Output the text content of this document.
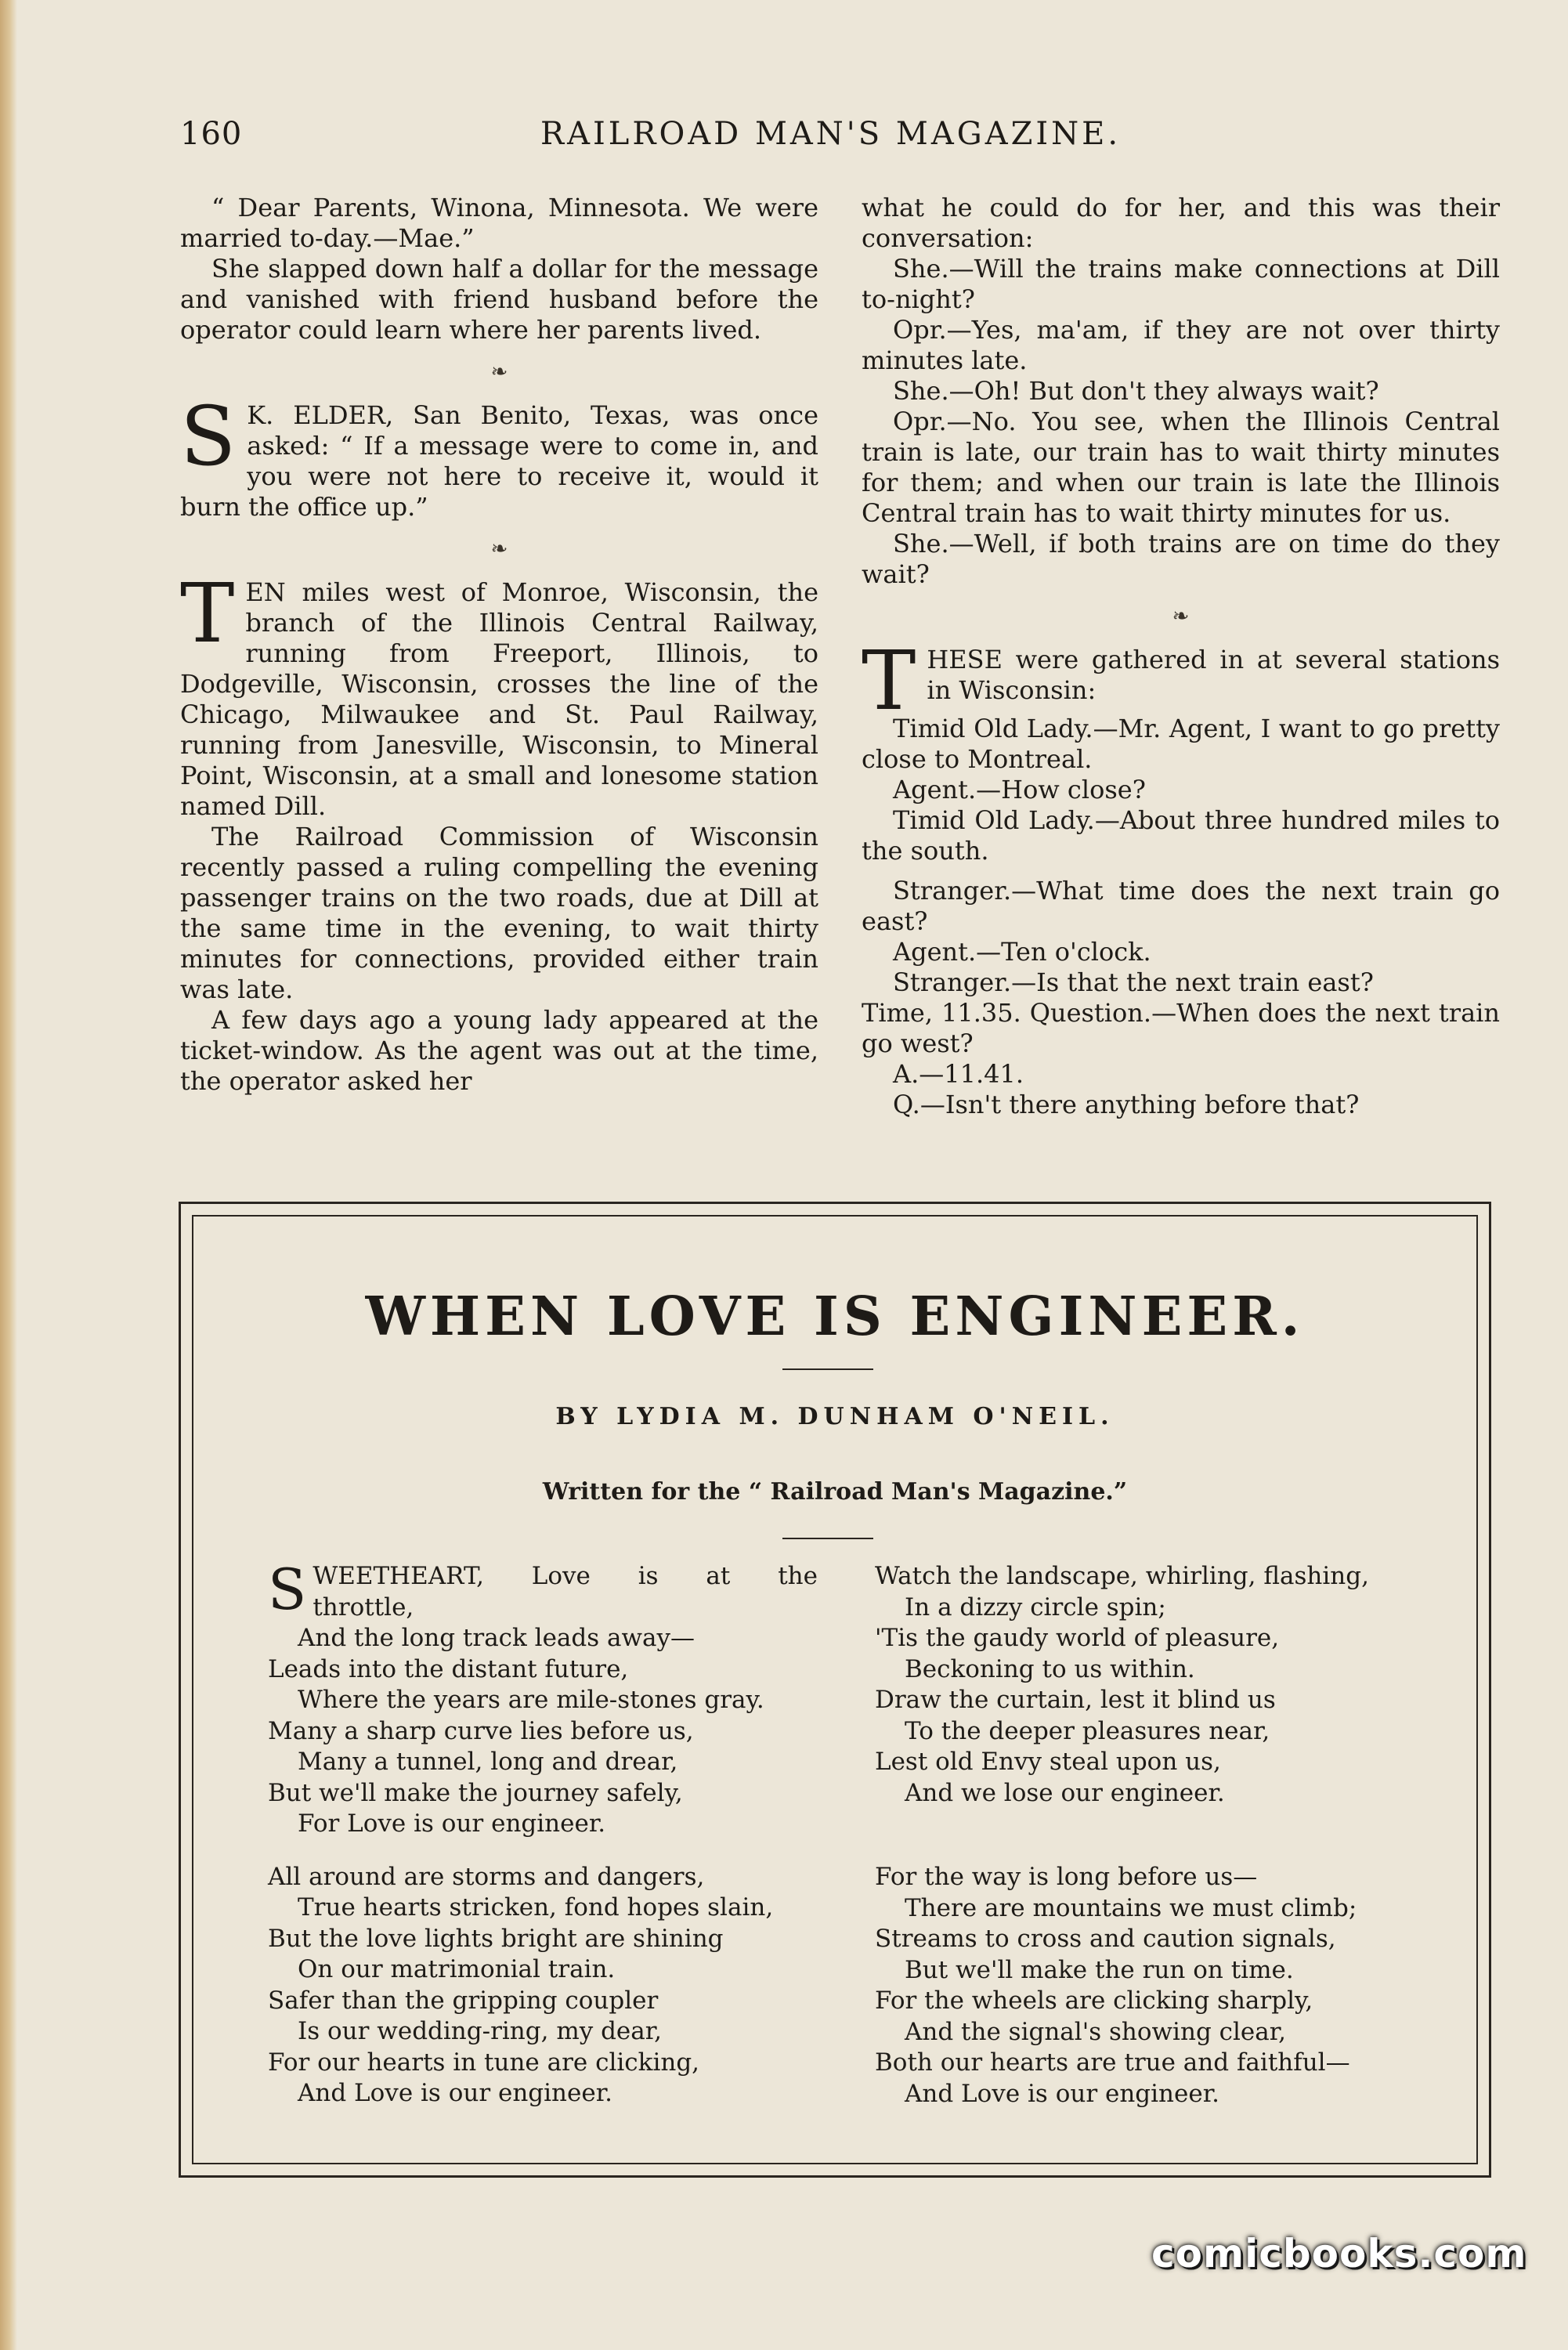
160	RAILROAD MAN'S MAGAZINE.

“ Dear Parents, Winona, Minnesota. We were married to-day.—Mae.”

She slapped down half a dollar for the message and vanished with friend husband before the operator could learn where her parents lived.

❧

S K. ELDER, San Benito, Texas, was once asked: “ If a message were to come in, and you were not here to receive it, would it burn the office up.”

❧

TEN miles west of Monroe, Wisconsin, the branch of the Illinois Central Railway, running from Freeport, Illinois, to Dodgeville, Wisconsin, crosses the line of the Chicago, Milwaukee and St. Paul Railway, running from Janesville, Wisconsin, to Mineral Point, Wisconsin, at a small and lonesome station named Dill.

The Railroad Commission of Wisconsin recently passed a ruling compelling the evening passenger trains on the two roads, due at Dill at the same time in the evening, to wait thirty minutes for connections, provided either train was late.

A few days ago a young lady appeared at the ticket-window. As the agent was out at the time, the operator asked her

what he could do for her, and this was their conversation:

She.—Will the trains make connections at Dill to-night?

Opr.—Yes, ma'am, if they are not over thirty minutes late.

She.—Oh! But don't they always wait?

Opr.—No. You see, when the Illinois Central train is late, our train has to wait thirty minutes for them; and when our train is late the Illinois Central train has to wait thirty minutes for us.

She.—Well, if both trains are on time do they wait?

❧

THESE were gathered in at several stations in Wisconsin:

Timid Old Lady.—Mr. Agent, I want to go pretty close to Montreal.

Agent.—How close?

Timid Old Lady.—About three hundred miles to the south.

Stranger.—What time does the next train go east?

Agent.—Ten o'clock.

Stranger.—Is that the next train east?

Time, 11.35. Question.—When does the next train go west?

A.—11.41.

Q.—Isn't there anything before that?

WHEN LOVE IS ENGINEER.
BY LYDIA M. DUNHAM O'NEIL.
Written for the “ Railroad Man's Magazine.”
S WEETHEART, Love is at the
throttle,
And the long track leads away—
Leads into the distant future,
Where the years are mile-stones gray.
Many a sharp curve lies before us,
Many a tunnel, long and drear,
But we'll make the journey safely,
For Love is our engineer.
All around are storms and dangers,
True hearts stricken, fond hopes slain,
But the love lights bright are shining
On our matrimonial train.
Safer than the gripping coupler
Is our wedding-ring, my dear,
For our hearts in tune are clicking,
And Love is our engineer.
Watch the landscape, whirling, flashing,
In a dizzy circle spin;
'Tis the gaudy world of pleasure,
Beckoning to us within.
Draw the curtain, lest it blind us
To the deeper pleasures near,
Lest old Envy steal upon us,
And we lose our engineer.
For the way is long before us—
There are mountains we must climb;
Streams to cross and caution signals,
But we'll make the run on time.
For the wheels are clicking sharply,
And the signal's showing clear,
Both our hearts are true and faithful—
And Love is our engineer.
comicbooks.com
